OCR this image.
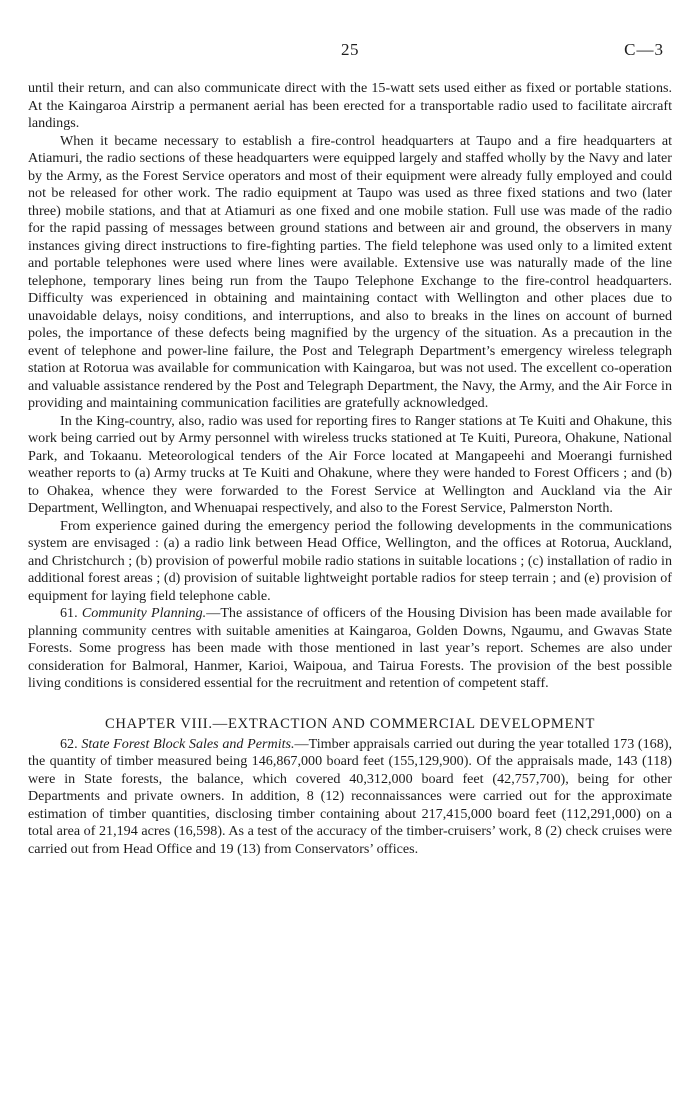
25	C—3

until their return, and can also communicate direct with the 15-watt sets used either as fixed or portable stations. At the Kaingaroa Airstrip a permanent aerial has been erected for a transportable radio used to facilitate aircraft landings.

When it became necessary to establish a fire-control headquarters at Taupo and a fire headquarters at Atiamuri, the radio sections of these headquarters were equipped largely and staffed wholly by the Navy and later by the Army, as the Forest Service operators and most of their equipment were already fully employed and could not be released for other work. The radio equipment at Taupo was used as three fixed stations and two (later three) mobile stations, and that at Atiamuri as one fixed and one mobile station. Full use was made of the radio for the rapid passing of messages between ground stations and between air and ground, the observers in many instances giving direct instructions to fire-fighting parties. The field telephone was used only to a limited extent and portable telephones were used where lines were available. Extensive use was naturally made of the line telephone, temporary lines being run from the Taupo Telephone Exchange to the fire-control headquarters. Difficulty was experienced in obtaining and maintaining contact with Wellington and other places due to unavoidable delays, noisy conditions, and interruptions, and also to breaks in the lines on account of burned poles, the importance of these defects being magnified by the urgency of the situation. As a precaution in the event of telephone and power-line failure, the Post and Telegraph Department’s emergency wireless telegraph station at Rotorua was available for communication with Kaingaroa, but was not used. The excellent co-operation and valuable assistance rendered by the Post and Telegraph Department, the Navy, the Army, and the Air Force in providing and maintaining communication facilities are gratefully acknowledged.

In the King-country, also, radio was used for reporting fires to Ranger stations at Te Kuiti and Ohakune, this work being carried out by Army personnel with wireless trucks stationed at Te Kuiti, Pureora, Ohakune, National Park, and Tokaanu. Meteorological tenders of the Air Force located at Mangapeehi and Moerangi furnished weather reports to (a) Army trucks at Te Kuiti and Ohakune, where they were handed to Forest Officers ; and (b) to Ohakea, whence they were forwarded to the Forest Service at Wellington and Auckland via the Air Department, Wellington, and Whenuapai respectively, and also to the Forest Service, Palmerston North.

From experience gained during the emergency period the following developments in the communications system are envisaged : (a) a radio link between Head Office, Wellington, and the offices at Rotorua, Auckland, and Christchurch ; (b) provision of powerful mobile radio stations in suitable locations ; (c) installation of radio in additional forest areas ; (d) provision of suitable lightweight portable radios for steep terrain ; and (e) provision of equipment for laying field telephone cable.

61. Community Planning.—The assistance of officers of the Housing Division has been made available for planning community centres with suitable amenities at Kaingaroa, Golden Downs, Ngaumu, and Gwavas State Forests. Some progress has been made with those mentioned in last year’s report. Schemes are also under consideration for Balmoral, Hanmer, Karioi, Waipoua, and Tairua Forests. The provision of the best possible living conditions is considered essential for the recruitment and retention of competent staff.

CHAPTER VIII.—EXTRACTION AND COMMERCIAL DEVELOPMENT

62. State Forest Block Sales and Permits.—Timber appraisals carried out during the year totalled 173 (168), the quantity of timber measured being 146,867,000 board feet (155,129,900). Of the appraisals made, 143 (118) were in State forests, the balance, which covered 40,312,000 board feet (42,757,700), being for other Departments and private owners. In addition, 8 (12) reconnaissances were carried out for the approximate estimation of timber quantities, disclosing timber containing about 217,415,000 board feet (112,291,000) on a total area of 21,194 acres (16,598). As a test of the accuracy of the timber-cruisers’ work, 8 (2) check cruises were carried out from Head Office and 19 (13) from Conservators’ offices.
